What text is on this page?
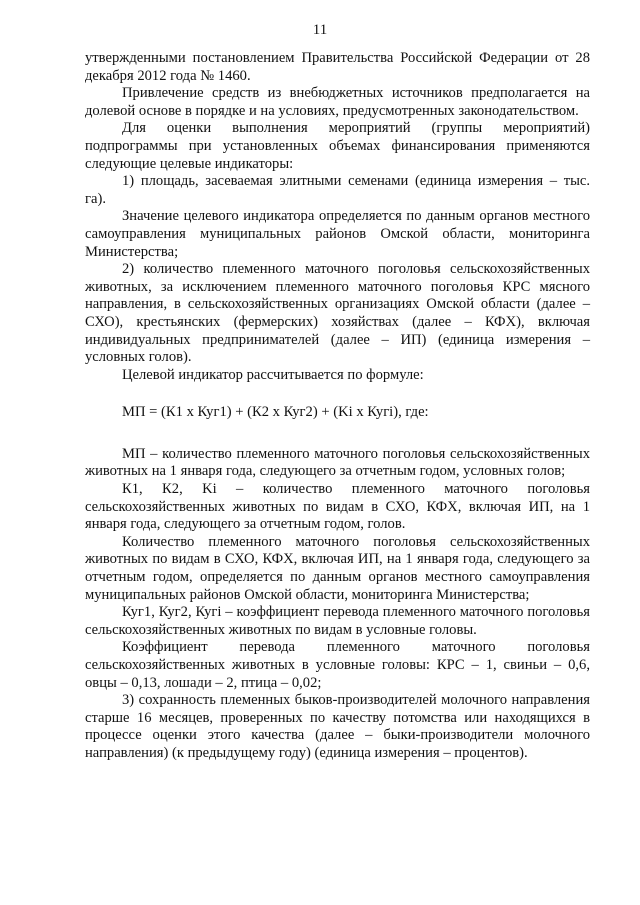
11

утвержденными постановлением Правительства Российской Федерации от 28 декабря 2012 года № 1460.

Привлечение средств из внебюджетных источников предполагается на долевой основе в порядке и на условиях, предусмотренных законодательством.

Для оценки выполнения мероприятий (группы мероприятий) подпрограммы при установленных объемах финансирования применяются следующие целевые индикаторы:

1) площадь, засеваемая элитными семенами (единица измерения – тыс. га).

Значение целевого индикатора определяется по данным органов местного самоуправления муниципальных районов Омской области, мониторинга Министерства;

2) количество племенного маточного поголовья сельскохозяйственных животных, за исключением племенного маточного поголовья КРС мясного направления, в сельскохозяйственных организациях Омской области (далее – СХО), крестьянских (фермерских) хозяйствах (далее – КФХ), включая индивидуальных предпринимателей (далее – ИП) (единица измерения – условных голов).

Целевой индикатор рассчитывается по формуле:

МП = (К1 x Куг1) + (К2 x Куг2) + (Ki x Кугi), где:

МП – количество племенного маточного поголовья сельскохозяйственных животных на 1 января года, следующего за отчетным годом, условных голов;

К1, К2, Ki – количество племенного маточного поголовья сельскохозяйственных животных по видам в СХО, КФХ, включая ИП, на 1 января года, следующего за отчетным годом, голов.

Количество племенного маточного поголовья сельскохозяйственных животных по видам в СХО, КФХ, включая ИП, на 1 января года, следующего за отчетным годом, определяется по данным органов местного самоуправления муниципальных районов Омской области, мониторинга Министерства;

Куг1, Куг2, Кугi – коэффициент перевода племенного маточного поголовья сельскохозяйственных животных по видам в условные головы.

Коэффициент перевода племенного маточного поголовья сельскохозяйственных животных в условные головы: КРС – 1, свиньи – 0,6, овцы – 0,13, лошади – 2, птица – 0,02;

3) сохранность племенных быков-производителей молочного направления старше 16 месяцев, проверенных по качеству потомства или находящихся в процессе оценки этого качества (далее – быки-производители молочного направления) (к предыдущему году) (единица измерения – процентов).
